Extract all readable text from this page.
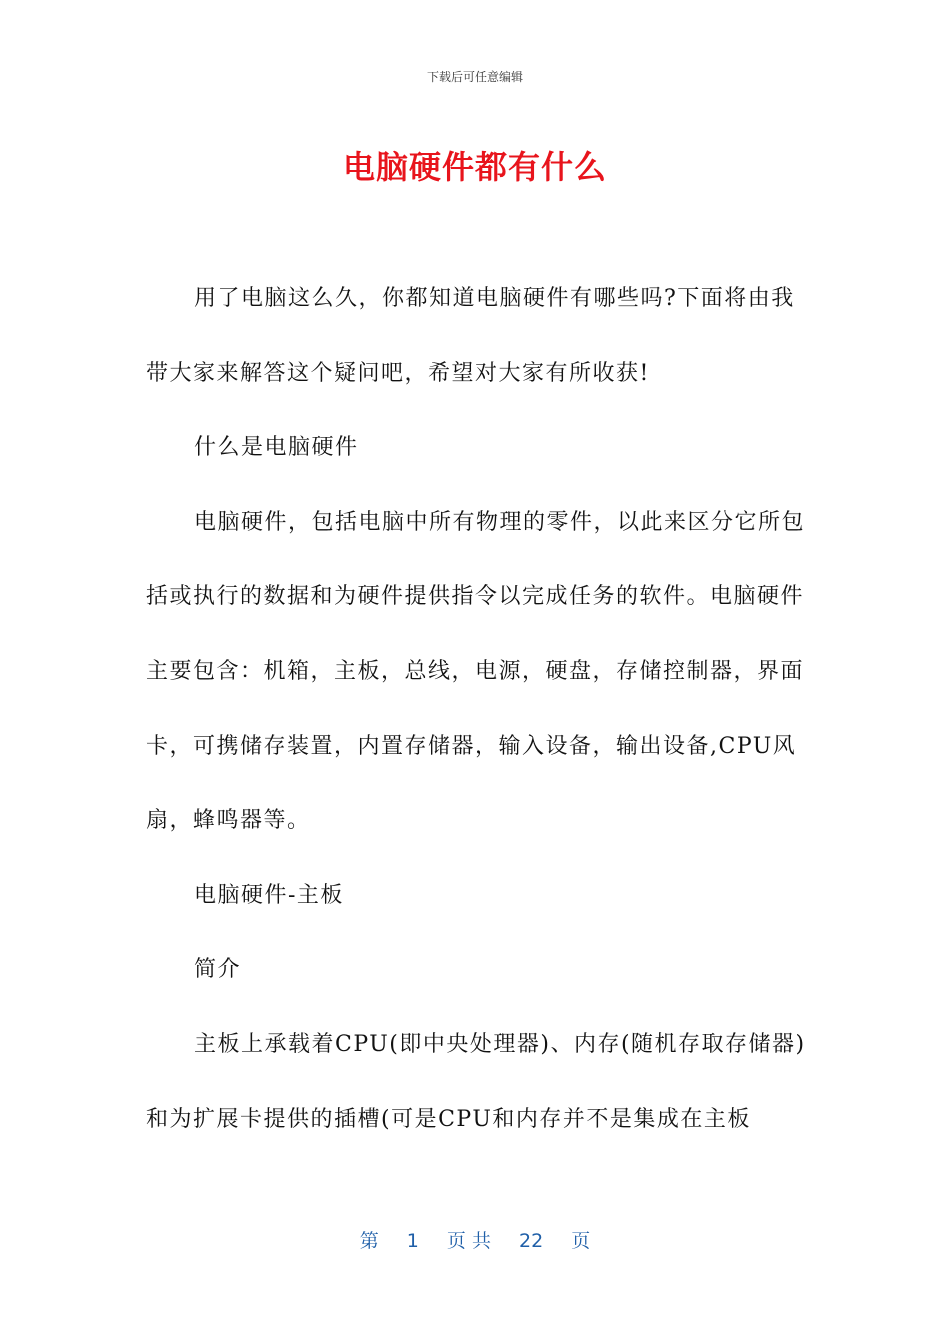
下载后可任意编辑
电脑硬件都有什么

用了电脑这么久，你都知道电脑硬件有哪些吗?下面将由我带大家来解答这个疑问吧，希望对大家有所收获!

什么是电脑硬件

电脑硬件，包括电脑中所有物理的零件，以此来区分它所包括或执行的数据和为硬件提供指令以完成任务的软件。电脑硬件主要包含：机箱，主板，总线，电源，硬盘，存储控制器，界面卡，可携储存装置，内置存储器，输入设备，输出设备,CPU风扇，蜂鸣器等。

电脑硬件-主板

简介

主板上承载着CPU(即中央处理器)、内存(随机存取存储器)和为扩展卡提供的插槽(可是CPU和内存并不是集成在主板

第 1 页 共 22 页
